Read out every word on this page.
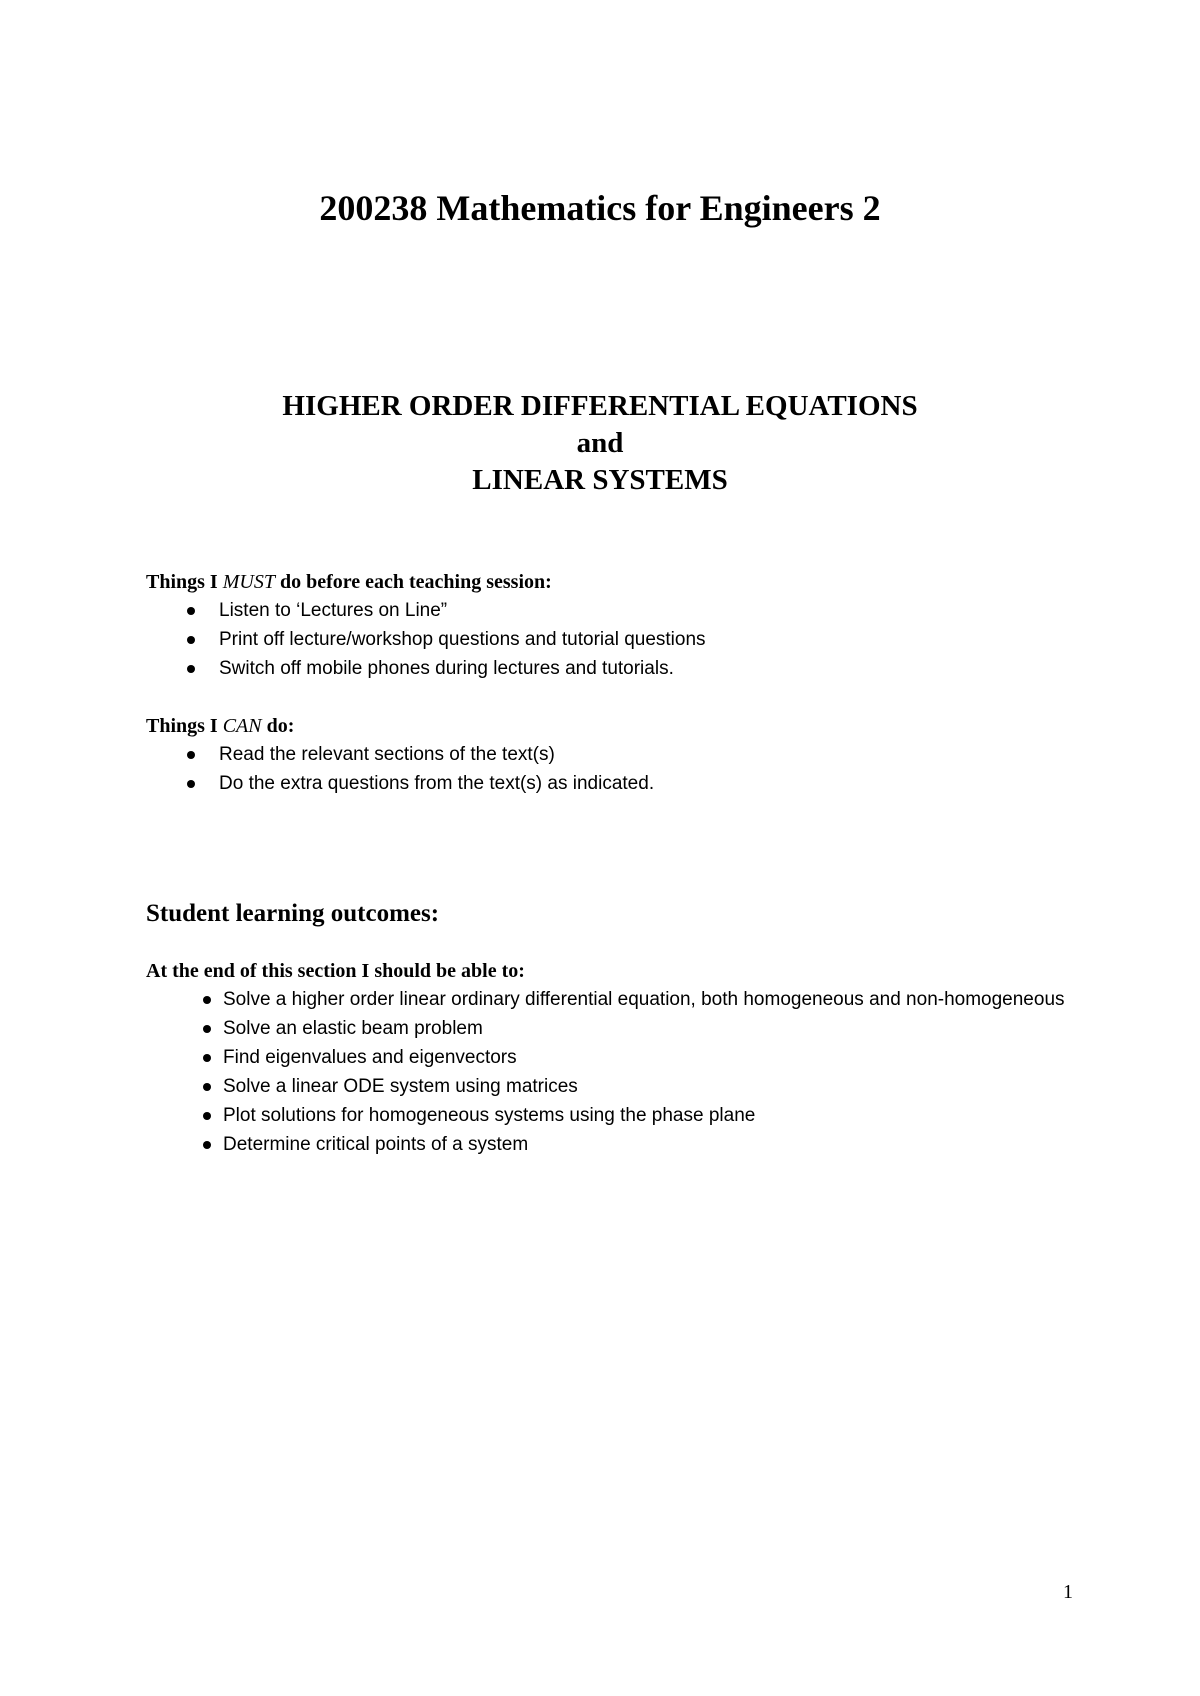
200238 Mathematics for Engineers 2
HIGHER ORDER DIFFERENTIAL EQUATIONS
and
LINEAR SYSTEMS

Things I MUST do before each teaching session:

Listen to ‘Lectures on Line”
Print off lecture/workshop questions and tutorial questions
Switch off mobile phones during lectures and tutorials.

Things I CAN do:

Read the relevant sections of the text(s)
Do the extra questions from the text(s) as indicated.
Student learning outcomes:

At the end of this section I should be able to:

Solve a higher order linear ordinary differential equation, both homogeneous and non-homogeneous
Solve an elastic beam problem
Find eigenvalues and eigenvectors
Solve a linear ODE system using matrices
Plot solutions for homogeneous systems using the phase plane
Determine critical points of a system
1
